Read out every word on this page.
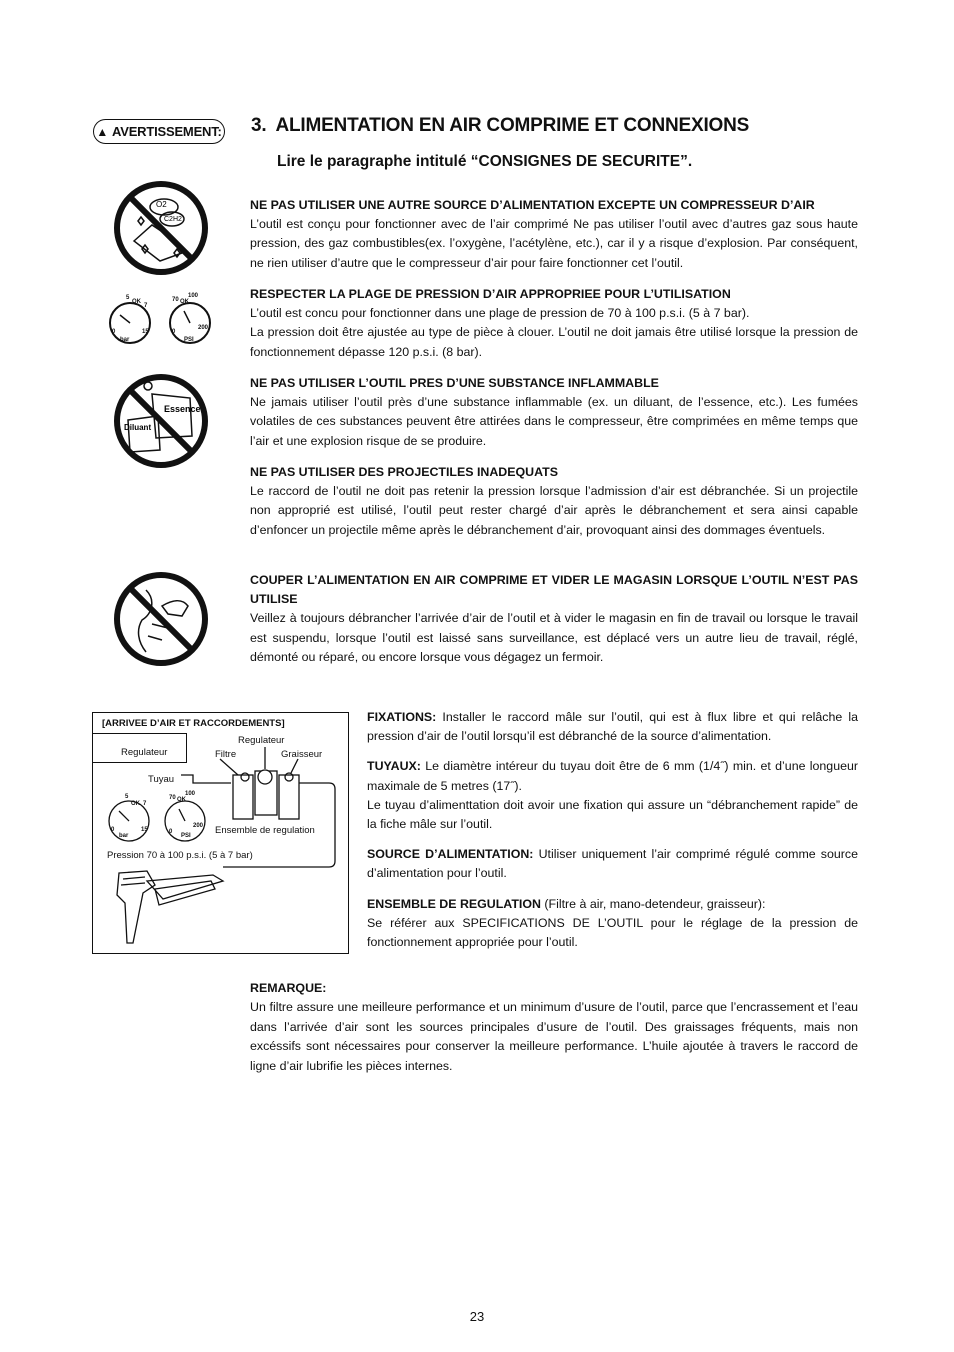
▲ AVERTISSEMENT: 3. ALIMENTATION EN AIR COMPRIME ET CONNEXIONS
Lire le paragraphe intitulé “CONSIGNES DE SECURITE”.
O2
C2H2
5
OK
7
0
bar
15
70 OK
100
0
PSI
200
Essence
Diluant
NE PAS UTILISER UNE AUTRE SOURCE D’ALIMENTATION EXCEPTE UN COMPRESSEUR D’AIR

L’outil est conçu pour fonctionner avec de l’air comprimé Ne pas utiliser l’outil avec d’autres gaz sous haute pression, des gaz combustibles(ex. l’oxygène, l’acétylène, etc.), car il y a risque d’explosion. Par conséquent, ne rien utiliser d’autre que le compresseur d’air pour faire fonctionner cet l’outil.

RESPECTER LA PLAGE DE PRESSION D’AIR APPROPRIEE POUR L’UTILISATION

L’outil est concu pour fonctionner dans une plage de pression de 70 à 100 p.s.i. (5 à 7 bar).

La pression doit être ajustée au type de pièce à clouer. L’outil ne doit jamais être utilisé lorsque la pression de fonctionnement dépasse 120 p.s.i. (8 bar).

NE PAS UTILISER L’OUTIL PRES D’UNE SUBSTANCE INFLAMMABLE

Ne jamais utiliser l’outil près d’une substance inflammable (ex. un diluant, de l’essence, etc.). Les fumées volatiles de ces substances peuvent être attirées dans le compresseur, être comprimées en même temps que l’air et une explosion risque de se produire.

NE PAS UTILISER DES PROJECTILES INADEQUATS

Le raccord de l’outil ne doit pas retenir la pression lorsque l’admission d’air est débranchée. Si un projectile non approprié est utilisé, l’outil peut rester chargé d’air après le débranchement et sera ainsi capable d’enfoncer un projectile même après le débranchement d’air, provoquant ainsi des dommages éventuels.

COUPER L’ALIMENTATION EN AIR COMPRIME ET VIDER LE MAGASIN LORSQUE L’OUTIL N’EST PAS UTILISE

Veillez à toujours débrancher l’arrivée d’air de l’outil et à vider le magasin en fin de travail ou lorsque le travail est suspendu, lorsque l’outil est laissé sans surveillance, est déplacé vers un autre lieu de travail, réglé, démonté ou réparé, ou encore lorsque vous dégagez un fermoir.

[ARRIVEE D’AIR ET RACCORDEMENTS]
Regulateur
Regulateur
Filtre	Graisseur
Tuyau
Ensemble de regulation
Pression 70 à 100 p.s.i. (5 à 7 bar)
5
OK 7
0
bar
15
70 OK
100
0
PSI
200

FIXATIONS: Installer le raccord mâle sur l’outil, qui est à flux libre et qui relâche la pression d’air de l’outil lorsqu’il est débranché de la source d’alimentation.

TUYAUX: Le diamètre intéreur du tuyau doit être de 6 mm (1/4˝) min. et d’une longueur maximale de 5 metres (17˝).

Le tuyau d’alimenttation doit avoir une fixation qui assure un “débranchement rapide” de la fiche mâle sur l’outil.

SOURCE D’ALIMENTATION: Utiliser uniquement l’air comprimé régulé comme source d’alimentation pour l’outil.

ENSEMBLE DE REGULATION (Filtre à air, mano-detendeur, graisseur):

Se référer aux SPECIFICATIONS DE L’OUTIL pour le réglage de la pression de fonctionnement appropriée pour l’outil.

REMARQUE:

Un filtre assure une meilleure performance et un minimum d’usure de l’outil, parce que l’encrassement et l’eau dans l’arrivée d’air sont les sources principales d’usure de l’outil. Des graissages fréquents, mais non excéssifs sont nécessaires pour conserver la meilleure performance. L’huile ajoutée à travers le raccord de ligne d’air lubrifie les pièces internes.

23
